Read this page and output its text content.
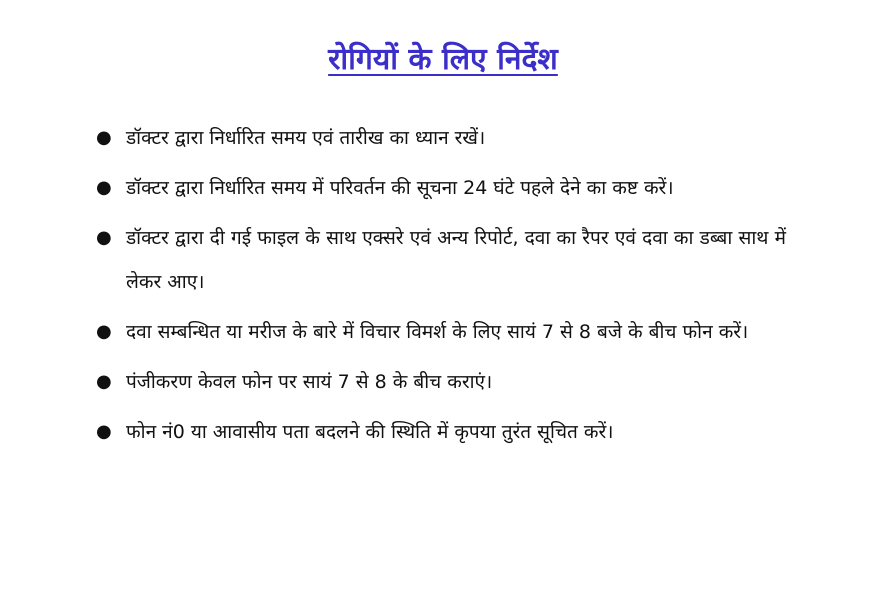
रोगियों के लिए निर्देश
● डॉक्टर द्वारा निर्धारित समय एवं तारीख का ध्यान रखें।
● डॉक्टर द्वारा निर्धारित समय में परिवर्तन की सूचना 24 घंटे पहले देने का कष्ट करें।
● डॉक्टर द्वारा दी गई फाइल के साथ एक्सरे एवं अन्य रिपोर्ट, दवा का रैपर एवं दवा का डब्बा साथ में लेकर आए।
● दवा सम्बन्धित या मरीज के बारे में विचार विमर्श के लिए सायं 7 से 8 बजे के बीच फोन करें।
● पंजीकरण केवल फोन पर सायं 7 से 8 के बीच कराएं।
● फोन नं0 या आवासीय पता बदलने की स्थिति में कृपया तुरंत सूचित करें।
